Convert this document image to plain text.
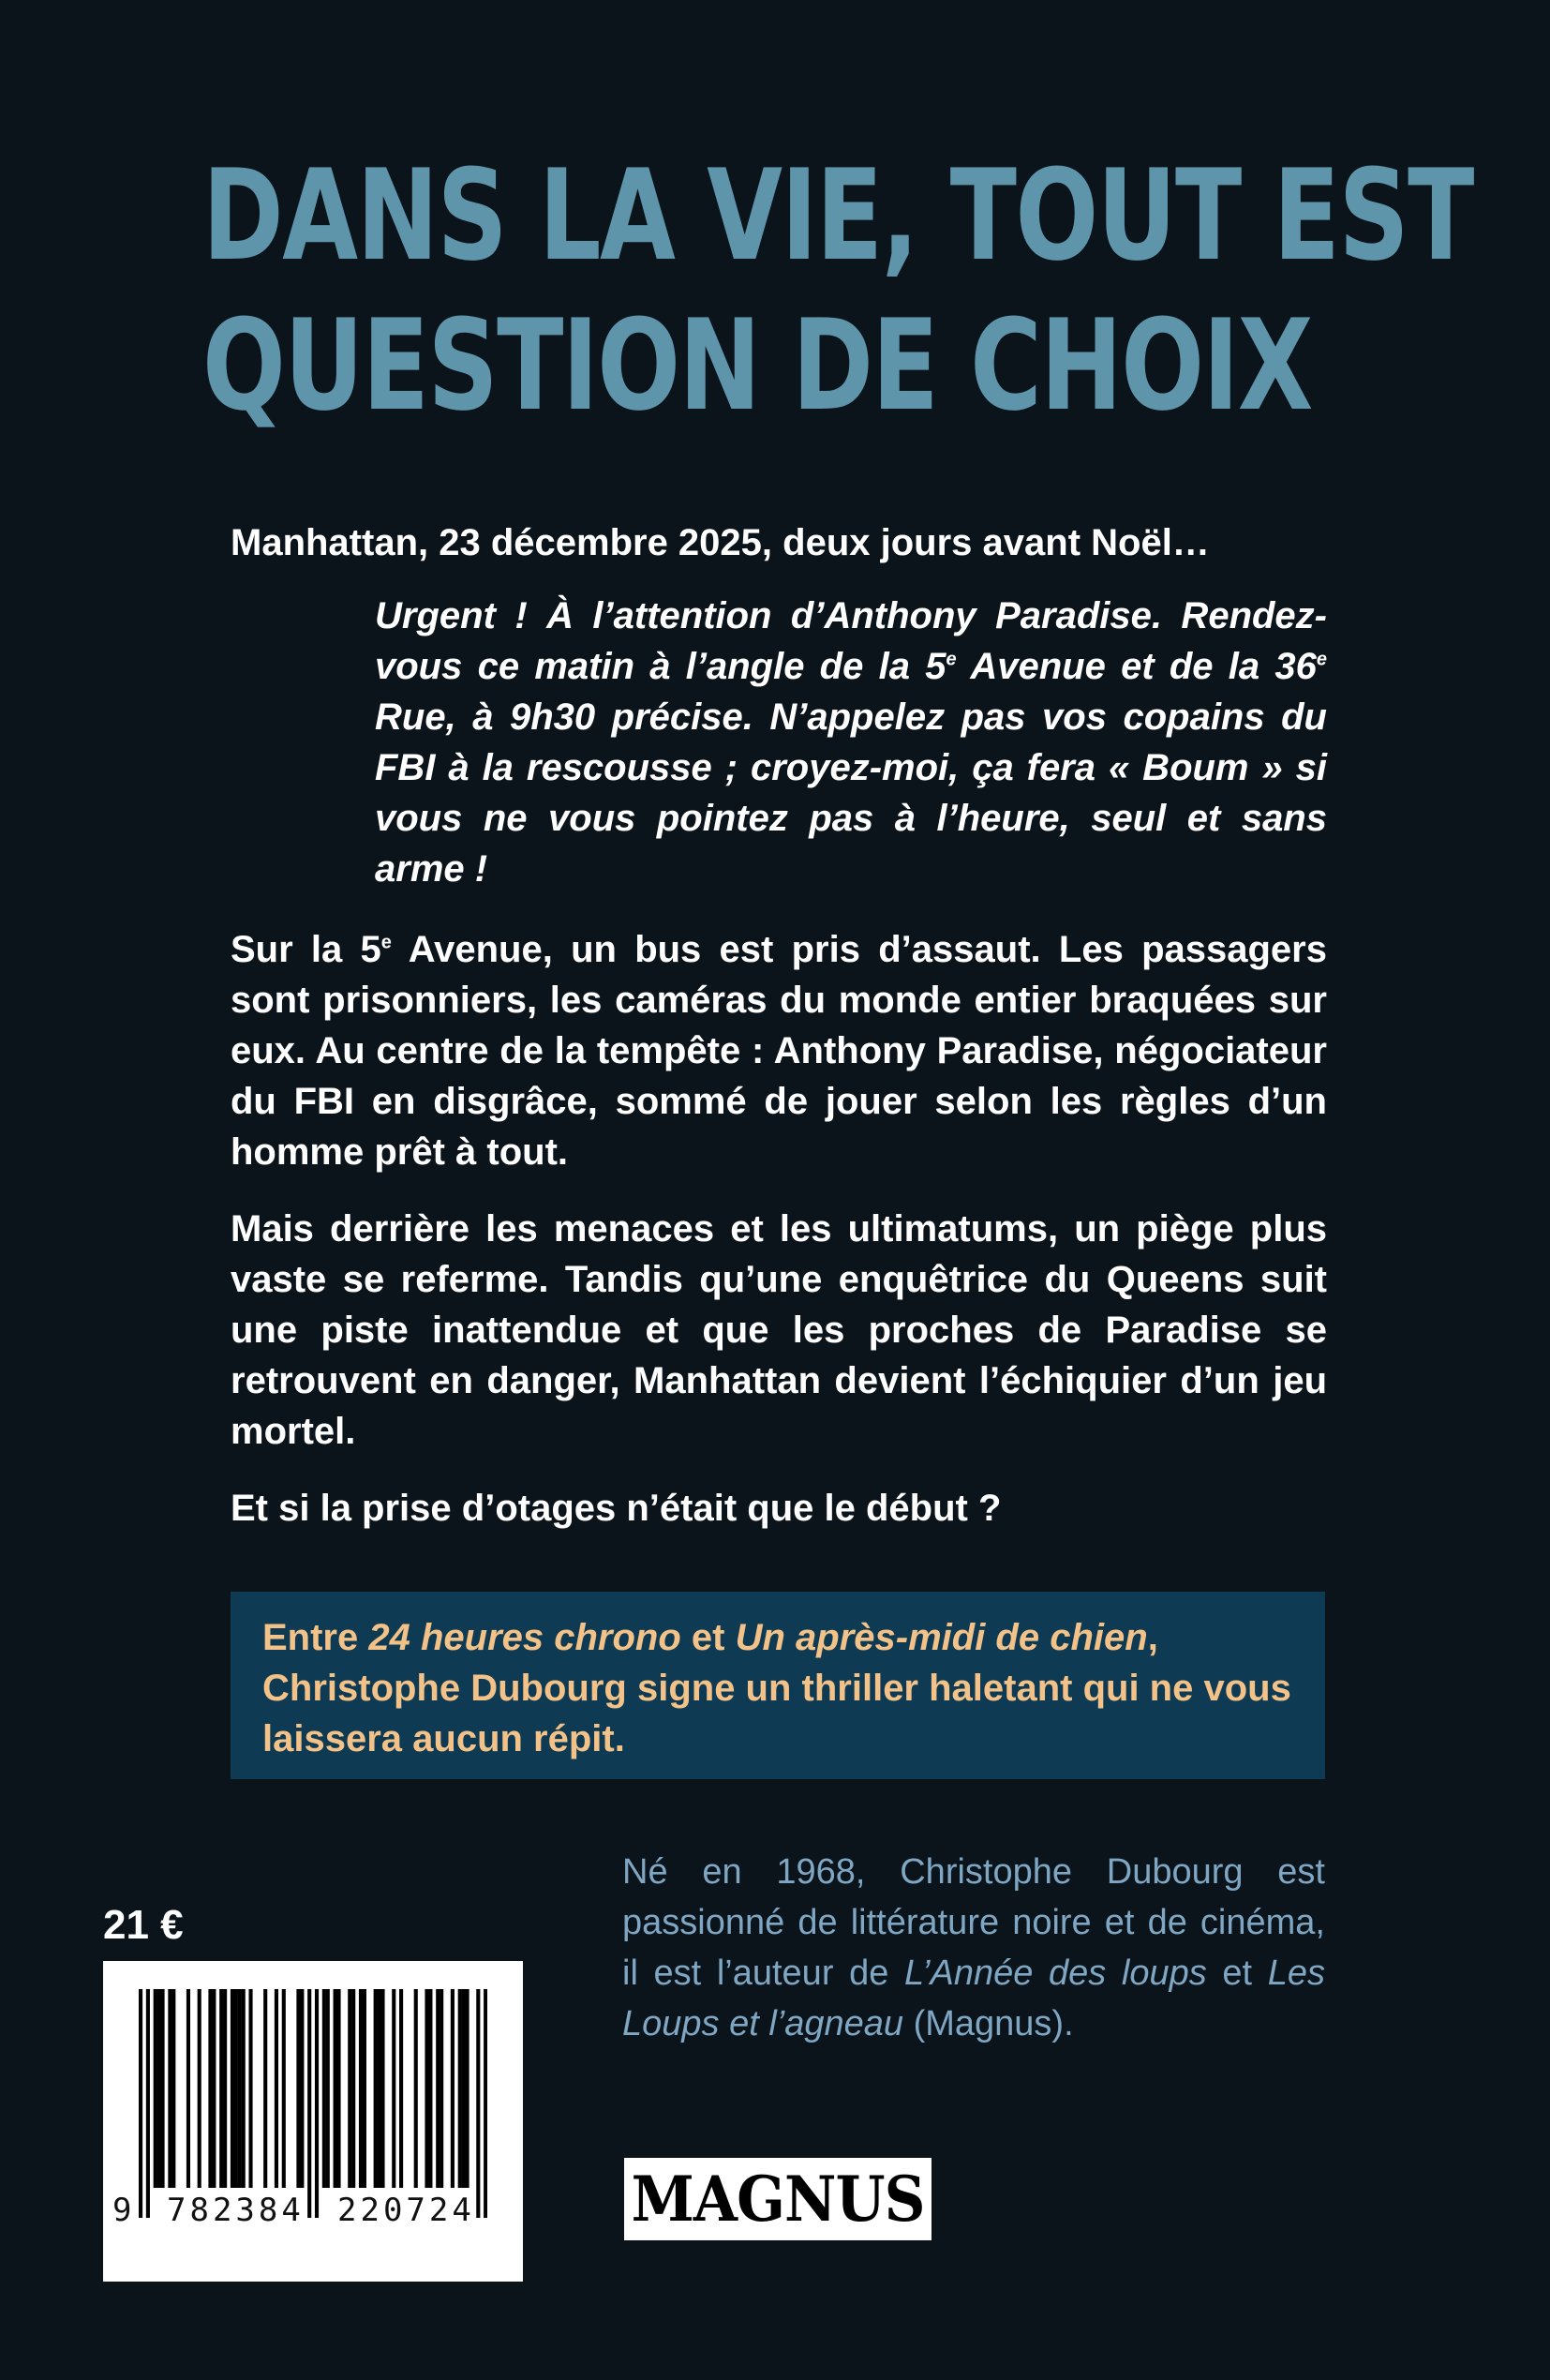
DANS LA VIE, TOUT EST
QUESTION DE CHOIX

Manhattan, 23 décembre 2025, deux jours avant Noël…

Urgent ! À l’attention d’Anthony Paradise. Rendez-vous ce matin à l’angle de la 5e Avenue et de la 36e Rue, à 9h30 précise. N’appelez pas vos copains du FBI à la rescousse ; croyez-moi, ça fera « Boum » si vous ne vous pointez pas à l’heure, seul et sans arme !

Sur la 5e Avenue, un bus est pris d’assaut. Les passagers sont prisonniers, les caméras du monde entier braquées sur eux. Au centre de la tempête : Anthony Paradise, négociateur du FBI en disgrâce, sommé de jouer selon les règles d’un homme prêt à tout.

Mais derrière les menaces et les ultimatums, un piège plus vaste se referme. Tandis qu’une enquêtrice du Queens suit une piste inattendue et que les proches de Paradise se retrouvent en danger, Manhattan devient l’échiquier d’un jeu mortel.

Et si la prise d’otages n’était que le début ?

Entre 24 heures chrono et Un après-midi de chien, Christophe Dubourg signe un thriller haletant qui ne vous laissera aucun répit.

Né en 1968, Christophe Dubourg est passionné de littérature noire et de cinéma, il est l’auteur de L’Année des loups et Les Loups et l’agneau (Magnus).

21 €
9 782384 220724	MAGNUS
